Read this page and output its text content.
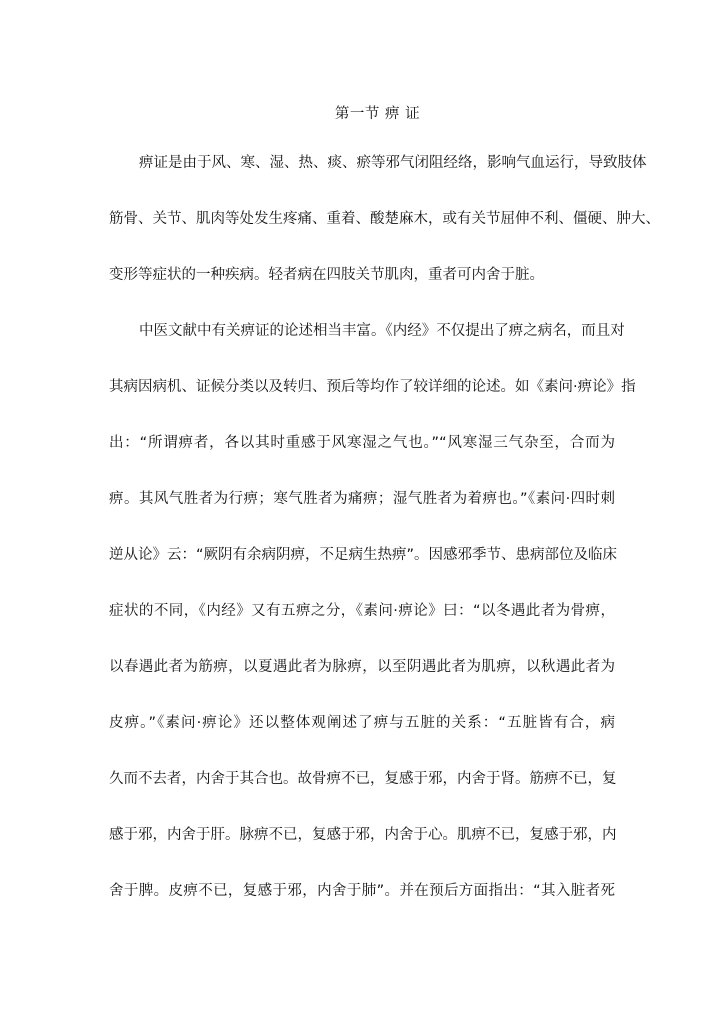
第一节 痹 证
痹证是由于风、寒、湿、热、痰、瘀等邪气闭阻经络，影响气血运行，导致肢体
筋骨、关节、肌肉等处发生疼痛、重着、酸楚麻木，或有关节屈伸不利、僵硬、肿大、
变形等症状的一种疾病。轻者病在四肢关节肌肉，重者可内舍于脏。
中医文献中有关痹证的论述相当丰富。《内经》不仅提出了痹之病名，而且对
其病因病机、证候分类以及转归、预后等均作了较详细的论述。如《素问·痹论》指
出：“所谓痹者，各以其时重感于风寒湿之气也。”“风寒湿三气杂至，合而为
痹。其风气胜者为行痹；寒气胜者为痛痹；湿气胜者为着痹也。”《素问·四时刺
逆从论》云：“厥阴有余病阴痹，不足病生热痹”。因感邪季节、患病部位及临床
症状的不同，《内经》又有五痹之分，《素问·痹论》曰：“以冬遇此者为骨痹，
以春遇此者为筋痹，以夏遇此者为脉痹，以至阴遇此者为肌痹，以秋遇此者为
皮痹。”《素问·痹论》还以整体观阐述了痹与五脏的关系：“五脏皆有合，病
久而不去者，内舍于其合也。故骨痹不已，复感于邪，内舍于肾。筋痹不已，复
感于邪，内舍于肝。脉痹不已，复感于邪，内舍于心。肌痹不已，复感于邪，内
舍于脾。皮痹不已，复感于邪，内舍于肺”。并在预后方面指出：“其入脏者死
